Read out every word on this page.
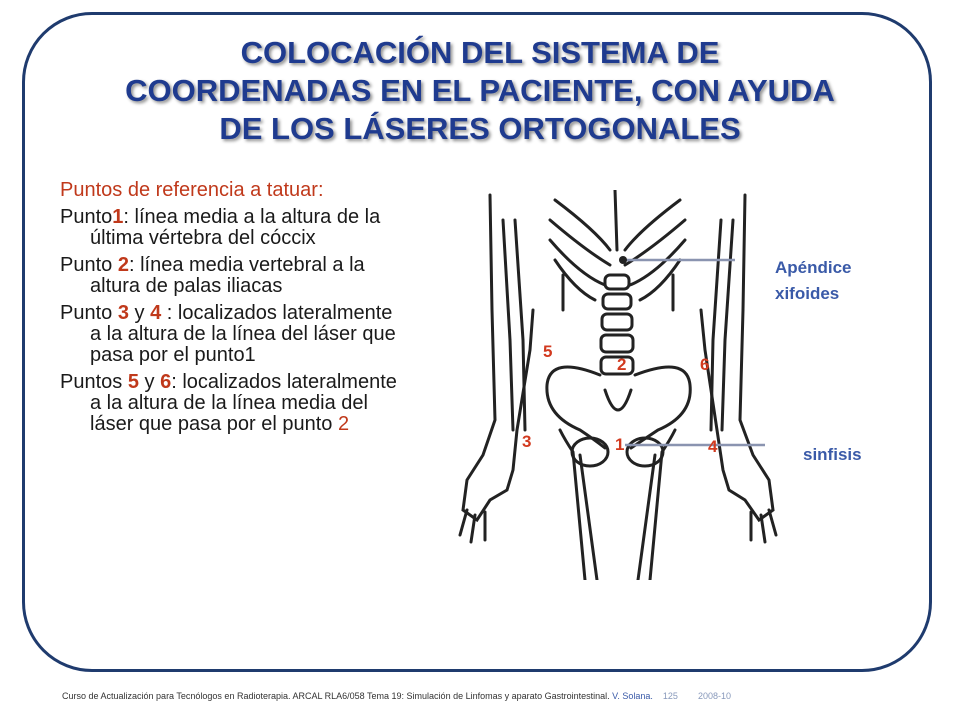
COLOCACIÓN DEL SISTEMA DE
COORDENADAS EN EL PACIENTE, CON AYUDA
DE LOS LÁSERES ORTOGONALES
Puntos de referencia a tatuar:
Punto1: línea media a la altura de la última vértebra del cóccix
Punto 2: línea media vertebral a la altura de palas iliacas
Punto 3 y 4 : localizados lateralmente a la altura de la línea del láser que pasa por el punto1
Puntos 5 y 6: localizados lateralmente a la altura de la línea media del láser que pasa por el punto 2
5
2	6
3	1	4
Apéndice
xifoides
sinfisis
Curso de Actualización para Tecnólogos en Radioterapia. ARCAL RLA6/058 Tema 19: Simulación de Linfomas y aparato Gastrointestinal. V. Solana. 125 2008-10
